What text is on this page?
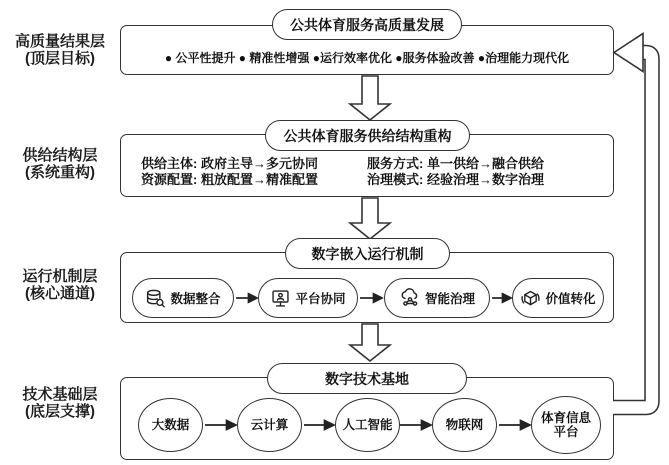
高质量结果层
(顶层目标)
供给结构层
(系统重构)
运行机制层
(核心通道)
技术基础层
(底层支撑)
公共体育服务高质量发展
● 公平性提升 ● 精准性增强 ●运行效率优化 ●服务体验改善 ●治理能力现代化
公共体育服务供给结构重构
供给主体: 政府主导→多元协同
资源配置: 粗放配置→精准配置
服务方式: 单一供给→融合供给
治理模式: 经验治理→数字治理
数字嵌入运行机制
数据整合	平台协同	智能治理	价值转化
数字技术基地
大数据	云计算	人工智能	物联网	体育信息平台
